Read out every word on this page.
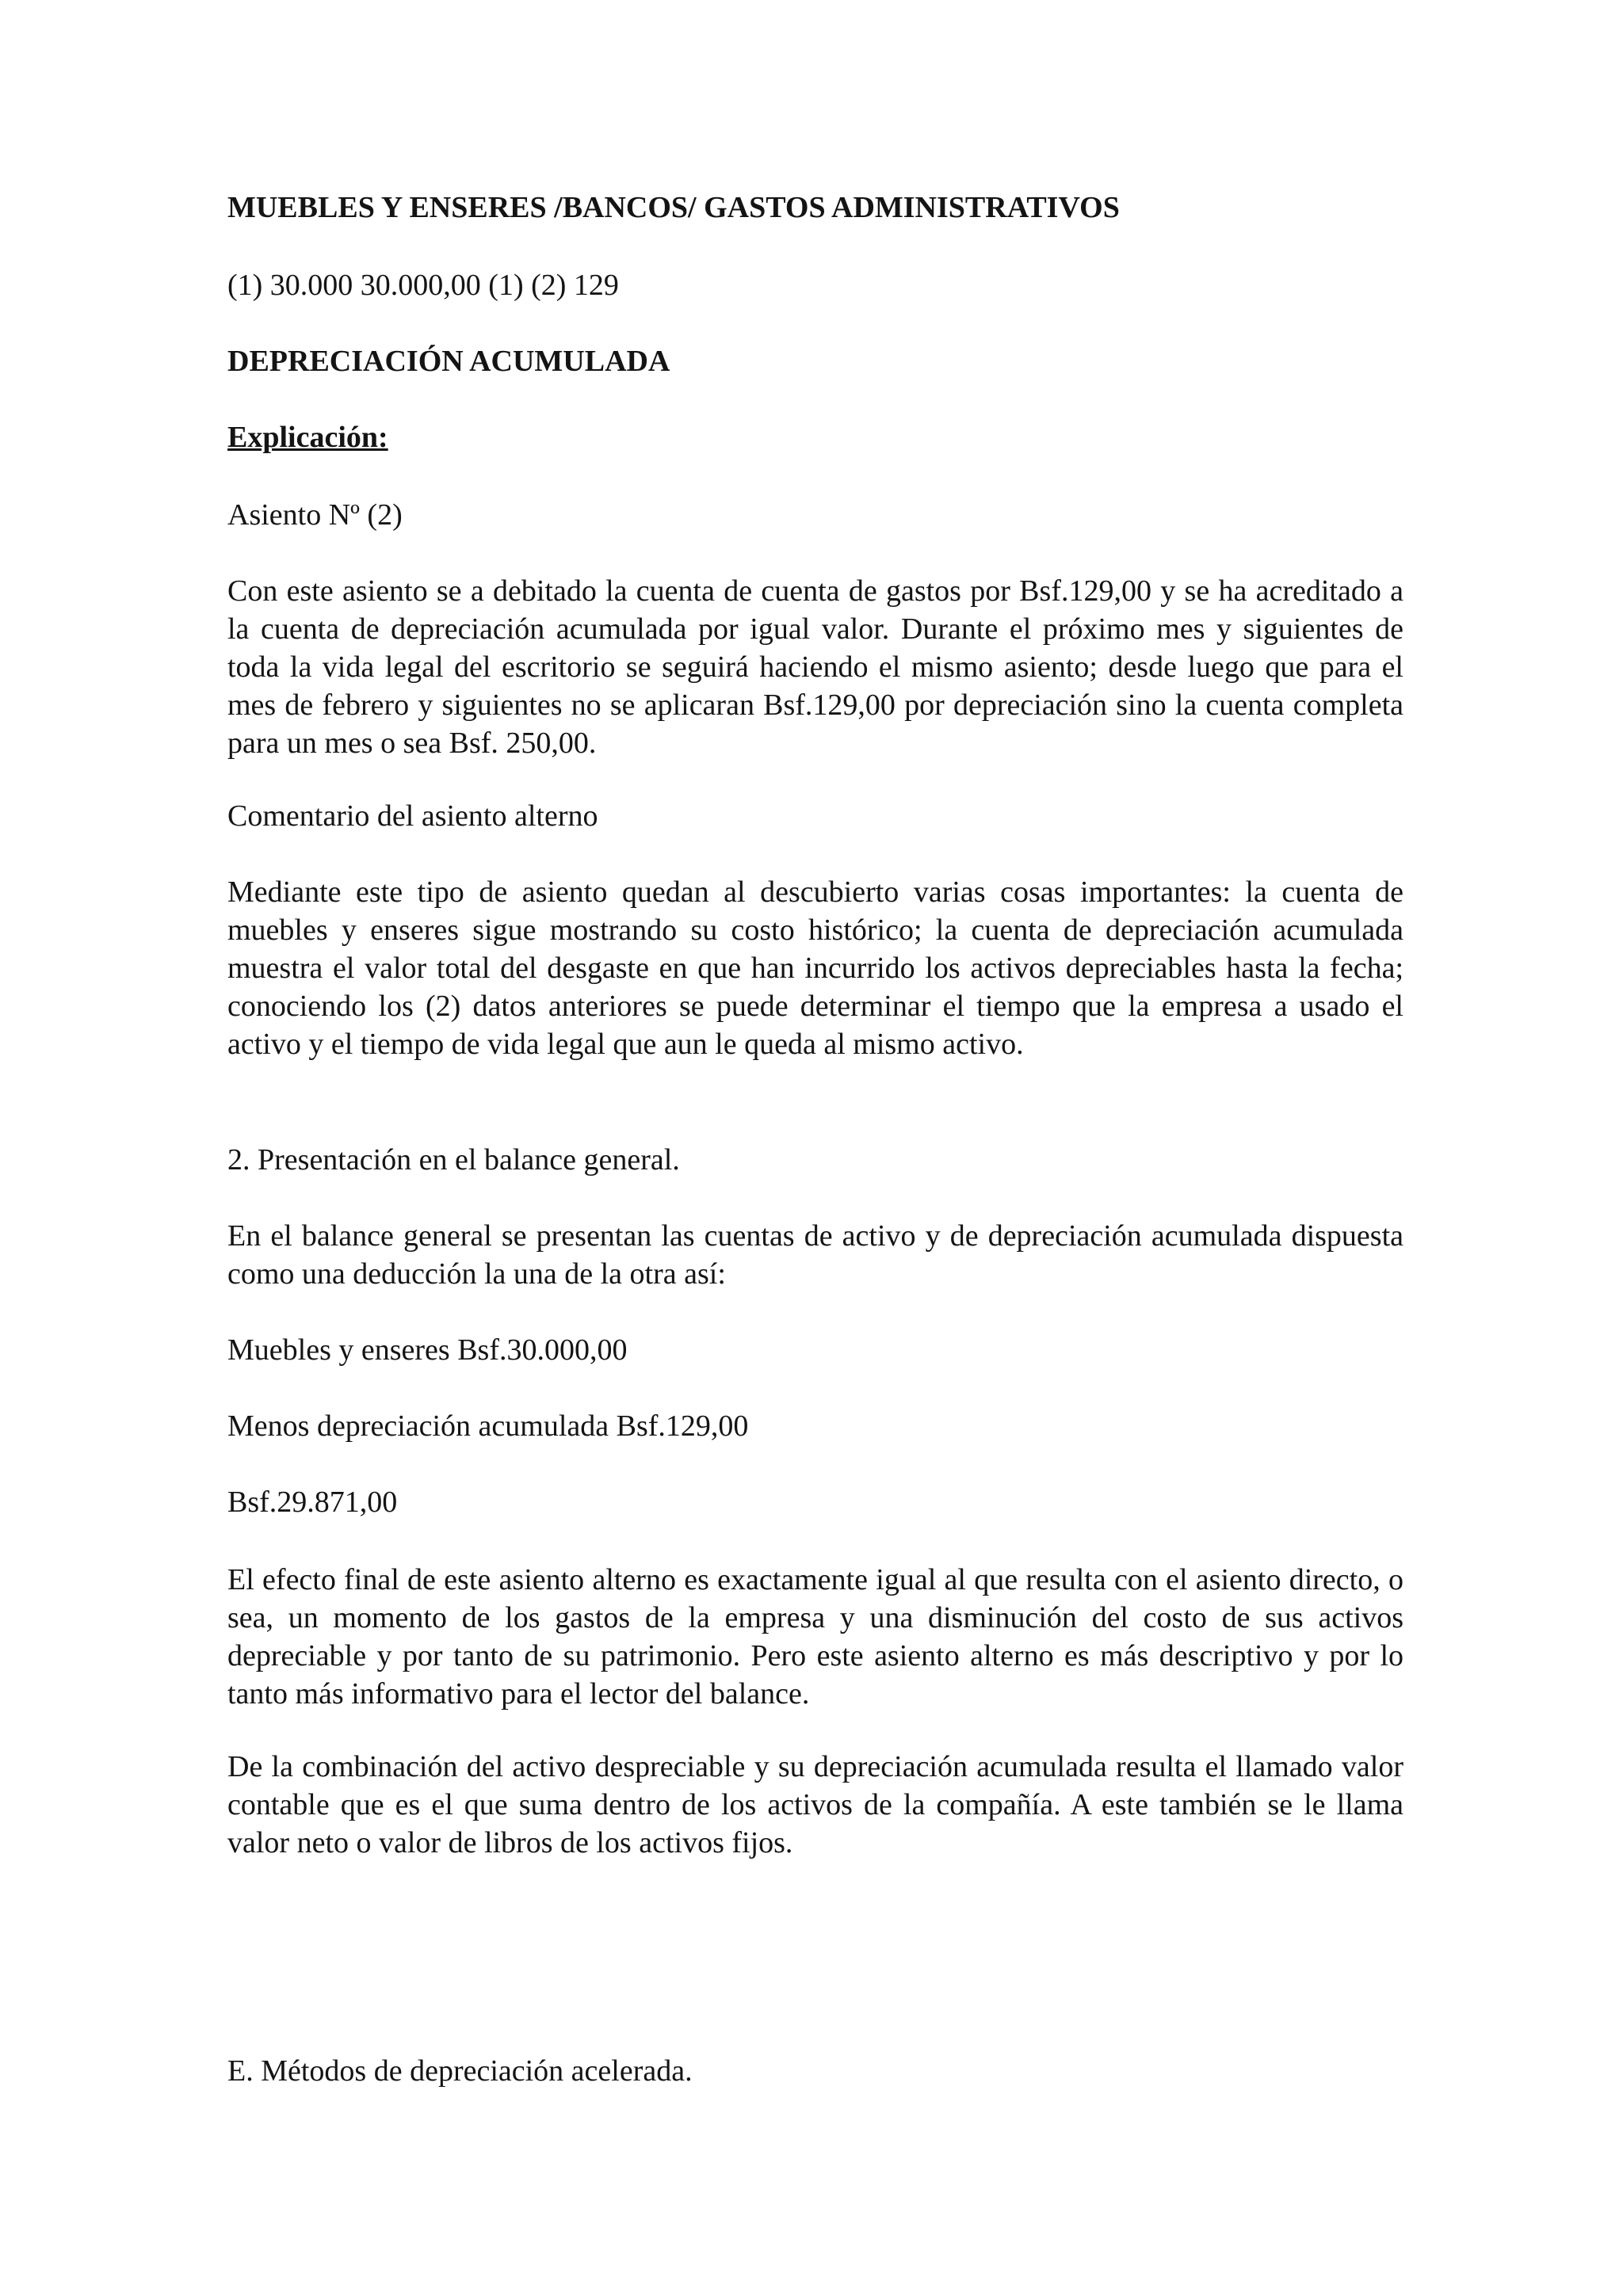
MUEBLES Y ENSERES /BANCOS/ GASTOS ADMINISTRATIVOS

(1) 30.000 30.000,00 (1) (2) 129

DEPRECIACIÓN ACUMULADA

Explicación:

Asiento Nº (2)

Con este asiento se a debitado la cuenta de cuenta de gastos por Bsf.129,00 y se ha acreditado a la cuenta de depreciación acumulada por igual valor. Durante el próximo mes y siguientes de toda la vida legal del escritorio se seguirá haciendo el mismo asiento; desde luego que para el mes de febrero y siguientes no se aplicaran Bsf.129,00 por depreciación sino la cuenta completa para un mes o sea Bsf. 250,00.

Comentario del asiento alterno

Mediante este tipo de asiento quedan al descubierto varias cosas importantes: la cuenta de muebles y enseres sigue mostrando su costo histórico; la cuenta de depreciación acumulada muestra el valor total del desgaste en que han incurrido los activos depreciables hasta la fecha; conociendo los (2) datos anteriores se puede determinar el tiempo que la empresa a usado el activo y el tiempo de vida legal que aun le queda al mismo activo.

2. Presentación en el balance general.

En el balance general se presentan las cuentas de activo y de depreciación acumulada dispuesta como una deducción la una de la otra así:

Muebles y enseres Bsf.30.000,00

Menos depreciación acumulada Bsf.129,00

Bsf.29.871,00

El efecto final de este asiento alterno es exactamente igual al que resulta con el asiento directo, o sea, un momento de los gastos de la empresa y una disminución del costo de sus activos depreciable y por tanto de su patrimonio. Pero este asiento alterno es más descriptivo y por lo tanto más informativo para el lector del balance.

De la combinación del activo despreciable y su depreciación acumulada resulta el llamado valor contable que es el que suma dentro de los activos de la compañía. A este también se le llama valor neto o valor de libros de los activos fijos.

E. Métodos de depreciación acelerada.
